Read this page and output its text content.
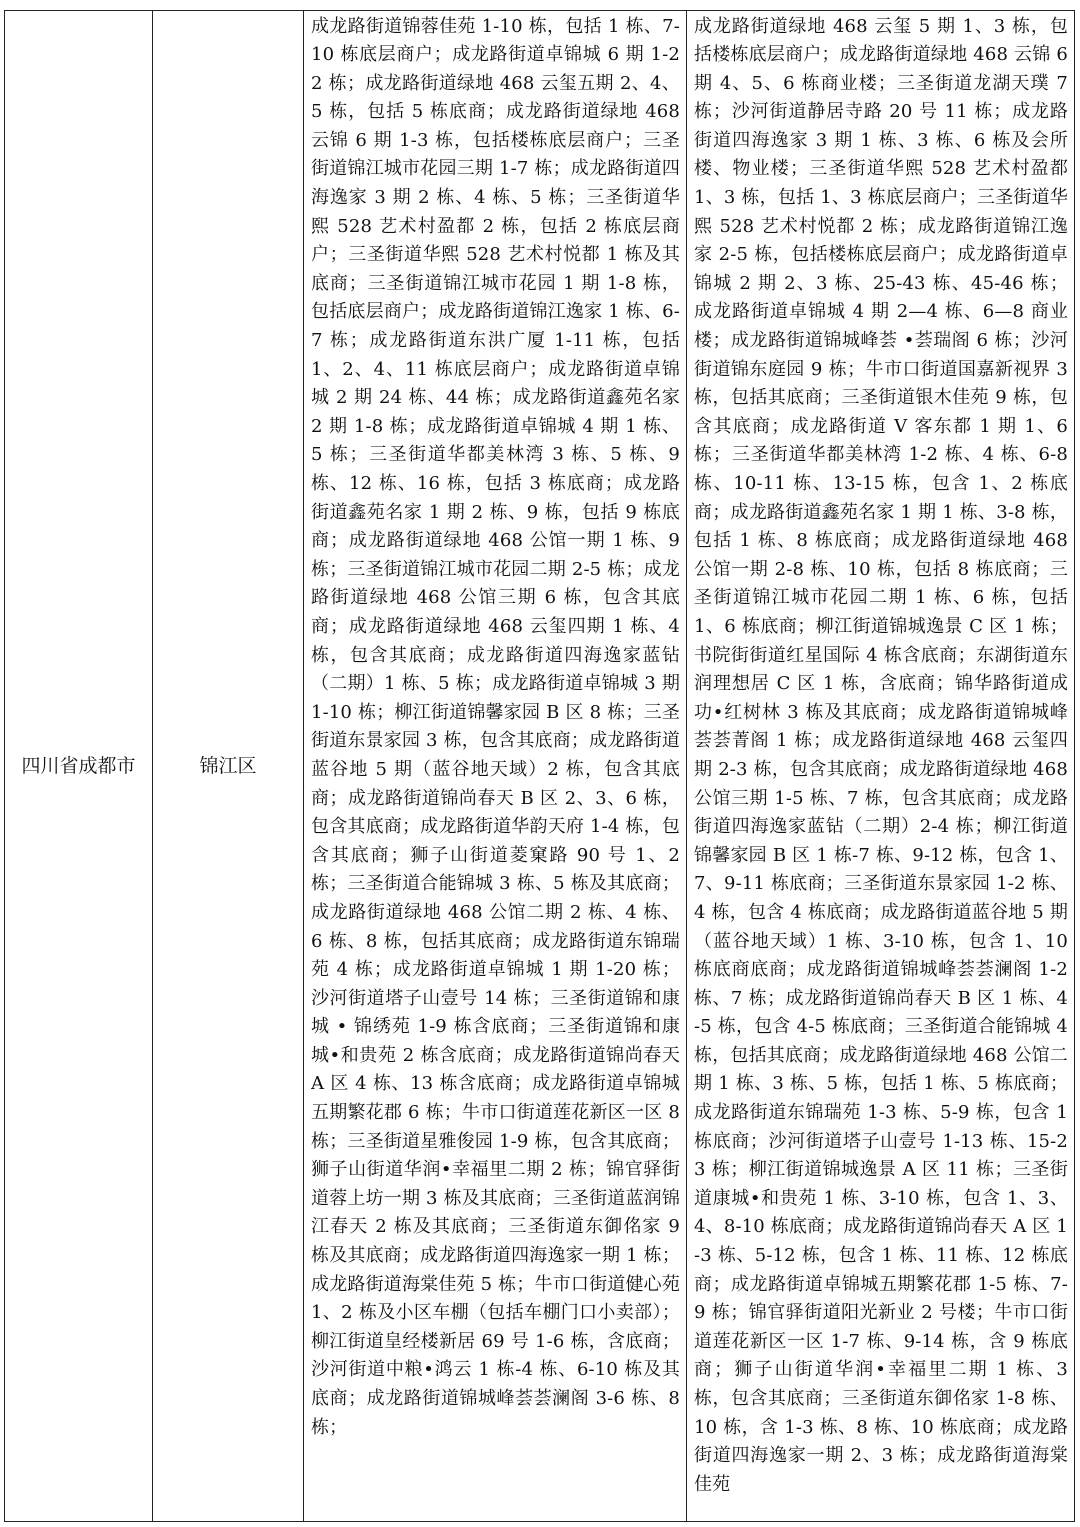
四川省成都市	锦江区	

成龙路街道锦蓉佳苑 1-10 栋，包括 1 栋、7-10 栋底层商户；成龙路街道卓锦城 6 期 1-22 栋；成龙路街道绿地 468 云玺五期 2、4、5 栋，包括 5 栋底商；成龙路街道绿地 468 云锦 6 期 1-3 栋，包括楼栋底层商户；三圣街道锦江城市花园三期 1-7 栋；成龙路街道四海逸家 3 期 2 栋、4 栋、5 栋；三圣街道华熙 528 艺术村盈都 2 栋，包括 2 栋底层商户；三圣街道华熙 528 艺术村悦都 1 栋及其底商；三圣街道锦江城市花园 1 期 1-8 栋，包括底层商户；成龙路街道锦江逸家 1 栋、6-7 栋；成龙路街道东洪广厦 1-11 栋，包括 1、2、4、11 栋底层商户；成龙路街道卓锦城 2 期 24 栋、44 栋；成龙路街道鑫苑名家 2 期 1-8 栋；成龙路街道卓锦城 4 期 1 栋、5 栋；三圣街道华都美林湾 3 栋、5 栋、9 栋、12 栋、16 栋，包括 3 栋底商；成龙路街道鑫苑名家 1 期 2 栋、9 栋，包括 9 栋底商；成龙路街道绿地 468 公馆一期 1 栋、9 栋；三圣街道锦江城市花园二期 2-5 栋；成龙路街道绿地 468 公馆三期 6 栋，包含其底商；成龙路街道绿地 468 云玺四期 1 栋、4 栋，包含其底商；成龙路街道四海逸家蓝钻（二期）1 栋、5 栋；成龙路街道卓锦城 3 期 1-10 栋；柳江街道锦馨家园 B 区 8 栋；三圣街道东景家园 3 栋，包含其底商；成龙路街道蓝谷地 5 期（蓝谷地天域）2 栋，包含其底商；成龙路街道锦尚春天 B 区 2、3、6 栋，包含其底商；成龙路街道华韵天府 1-4 栋，包含其底商；狮子山街道菱窠路 90 号 1、2 栋；三圣街道合能锦城 3 栋、5 栋及其底商；成龙路街道绿地 468 公馆二期 2 栋、4 栋、6 栋、8 栋，包括其底商；成龙路街道东锦瑞苑 4 栋；成龙路街道卓锦城 1 期 1-20 栋；沙河街道塔子山壹号 14 栋；三圣街道锦和康城 • 锦绣苑 1-9 栋含底商；三圣街道锦和康城•和贵苑 2 栋含底商；成龙路街道锦尚春天 A 区 4 栋、13 栋含底商；成龙路街道卓锦城五期繁花郡 6 栋；牛市口街道莲花新区一区 8 栋；三圣街道星雅俊园 1-9 栋，包含其底商；狮子山街道华润•幸福里二期 2 栋；锦官驿街道蓉上坊一期 3 栋及其底商；三圣街道蓝润锦江春天 2 栋及其底商；三圣街道东御佲家 9 栋及其底商；成龙路街道四海逸家一期 1 栋；成龙路街道海棠佳苑 5 栋；牛市口街道健心苑 1、2 栋及小区车棚（包括车棚门口小卖部）；柳江街道皇经楼新居 69 号 1-6 栋，含底商；沙河街道中粮•鸿云 1 栋-4 栋、6-10 栋及其底商；成龙路街道锦城峰荟荟澜阁 3-6 栋、8 栋；

成龙路街道绿地 468 云玺 5 期 1、3 栋，包括楼栋底层商户；成龙路街道绿地 468 云锦 6 期 4、5、6 栋商业楼；三圣街道龙湖天璞 7 栋；沙河街道静居寺路 20 号 11 栋；成龙路街道四海逸家 3 期 1 栋、3 栋、6 栋及会所楼、物业楼；三圣街道华熙 528 艺术村盈都 1、3 栋，包括 1、3 栋底层商户；三圣街道华熙 528 艺术村悦都 2 栋；成龙路街道锦江逸家 2-5 栋，包括楼栋底层商户；成龙路街道卓锦城 2 期 2、3 栋、25-43 栋、45-46 栋；成龙路街道卓锦城 4 期 2—4 栋、6—8 商业楼；成龙路街道锦城峰荟 •荟瑞阁 6 栋；沙河街道锦东庭园 9 栋；牛市口街道国嘉新视界 3 栋，包括其底商；三圣街道银木佳苑 9 栋，包含其底商；成龙路街道 V 客东都 1 期 1、6 栋；三圣街道华都美林湾 1-2 栋、4 栋、6-8 栋、10-11 栋、13-15 栋，包含 1、2 栋底商；成龙路街道鑫苑名家 1 期 1 栋、3-8 栋，包括 1 栋、8 栋底商；成龙路街道绿地 468 公馆一期 2-8 栋、10 栋，包括 8 栋底商；三圣街道锦江城市花园二期 1 栋、6 栋，包括 1、6 栋底商；柳江街道锦城逸景 C 区 1 栋；书院街街道红星国际 4 栋含底商；东湖街道东润理想居 C 区 1 栋，含底商；锦华路街道成功•红树林 3 栋及其底商；成龙路街道锦城峰荟荟菁阁 1 栋；成龙路街道绿地 468 云玺四期 2-3 栋，包含其底商；成龙路街道绿地 468 公馆三期 1-5 栋、7 栋，包含其底商；成龙路街道四海逸家蓝钻（二期）2-4 栋；柳江街道锦馨家园 B 区 1 栋-7 栋、9-12 栋，包含 1、7、9-11 栋底商；三圣街道东景家园 1-2 栋、4 栋，包含 4 栋底商；成龙路街道蓝谷地 5 期（蓝谷地天域）1 栋、3-10 栋，包含 1、10 栋底商底商；成龙路街道锦城峰荟荟澜阁 1-2 栋、7 栋；成龙路街道锦尚春天 B 区 1 栋、4-5 栋，包含 4-5 栋底商；三圣街道合能锦城 4 栋，包括其底商；成龙路街道绿地 468 公馆二期 1 栋、3 栋、5 栋，包括 1 栋、5 栋底商；成龙路街道东锦瑞苑 1-3 栋、5-9 栋，包含 1 栋底商；沙河街道塔子山壹号 1-13 栋、15-23 栋；柳江街道锦城逸景 A 区 11 栋；三圣街道康城•和贵苑 1 栋、3-10 栋，包含 1、3、4、8-10 栋底商；成龙路街道锦尚春天 A 区 1-3 栋、5-12 栋，包含 1 栋、11 栋、12 栋底商；成龙路街道卓锦城五期繁花郡 1-5 栋、7-9 栋；锦官驿街道阳光新业 2 号楼；牛市口街道莲花新区一区 1-7 栋、9-14 栋，含 9 栋底商；狮子山街道华润•幸福里二期 1 栋、3 栋，包含其底商；三圣街道东御佲家 1-8 栋、10 栋，含 1-3 栋、8 栋、10 栋底商；成龙路街道四海逸家一期 2、3 栋；成龙路街道海棠佳苑
